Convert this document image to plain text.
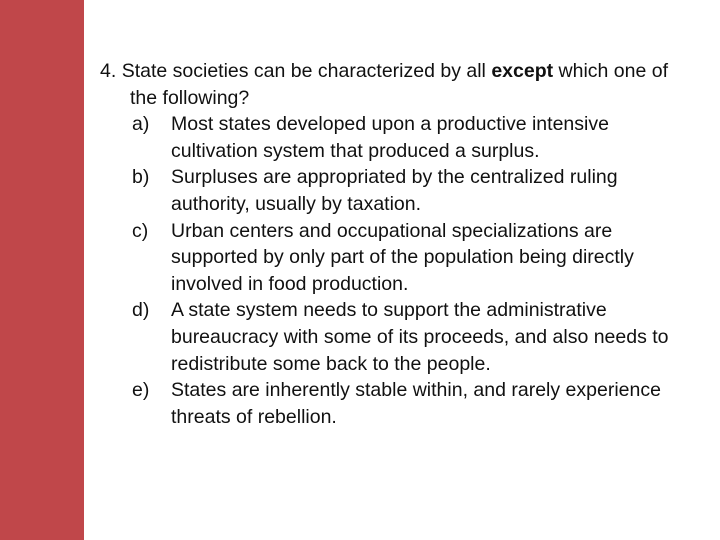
4. State societies can be characterized by all except which one of the following?
a) Most states developed upon a productive intensive cultivation system that produced a surplus.
b) Surpluses are appropriated by the centralized ruling authority, usually by taxation.
c) Urban centers and occupational specializations are supported by only part of the population being directly involved in food production.
d) A state system needs to support the administrative bureaucracy with some of its proceeds, and also needs to redistribute some back to the people.
e) States are inherently stable within, and rarely experience threats of rebellion.
